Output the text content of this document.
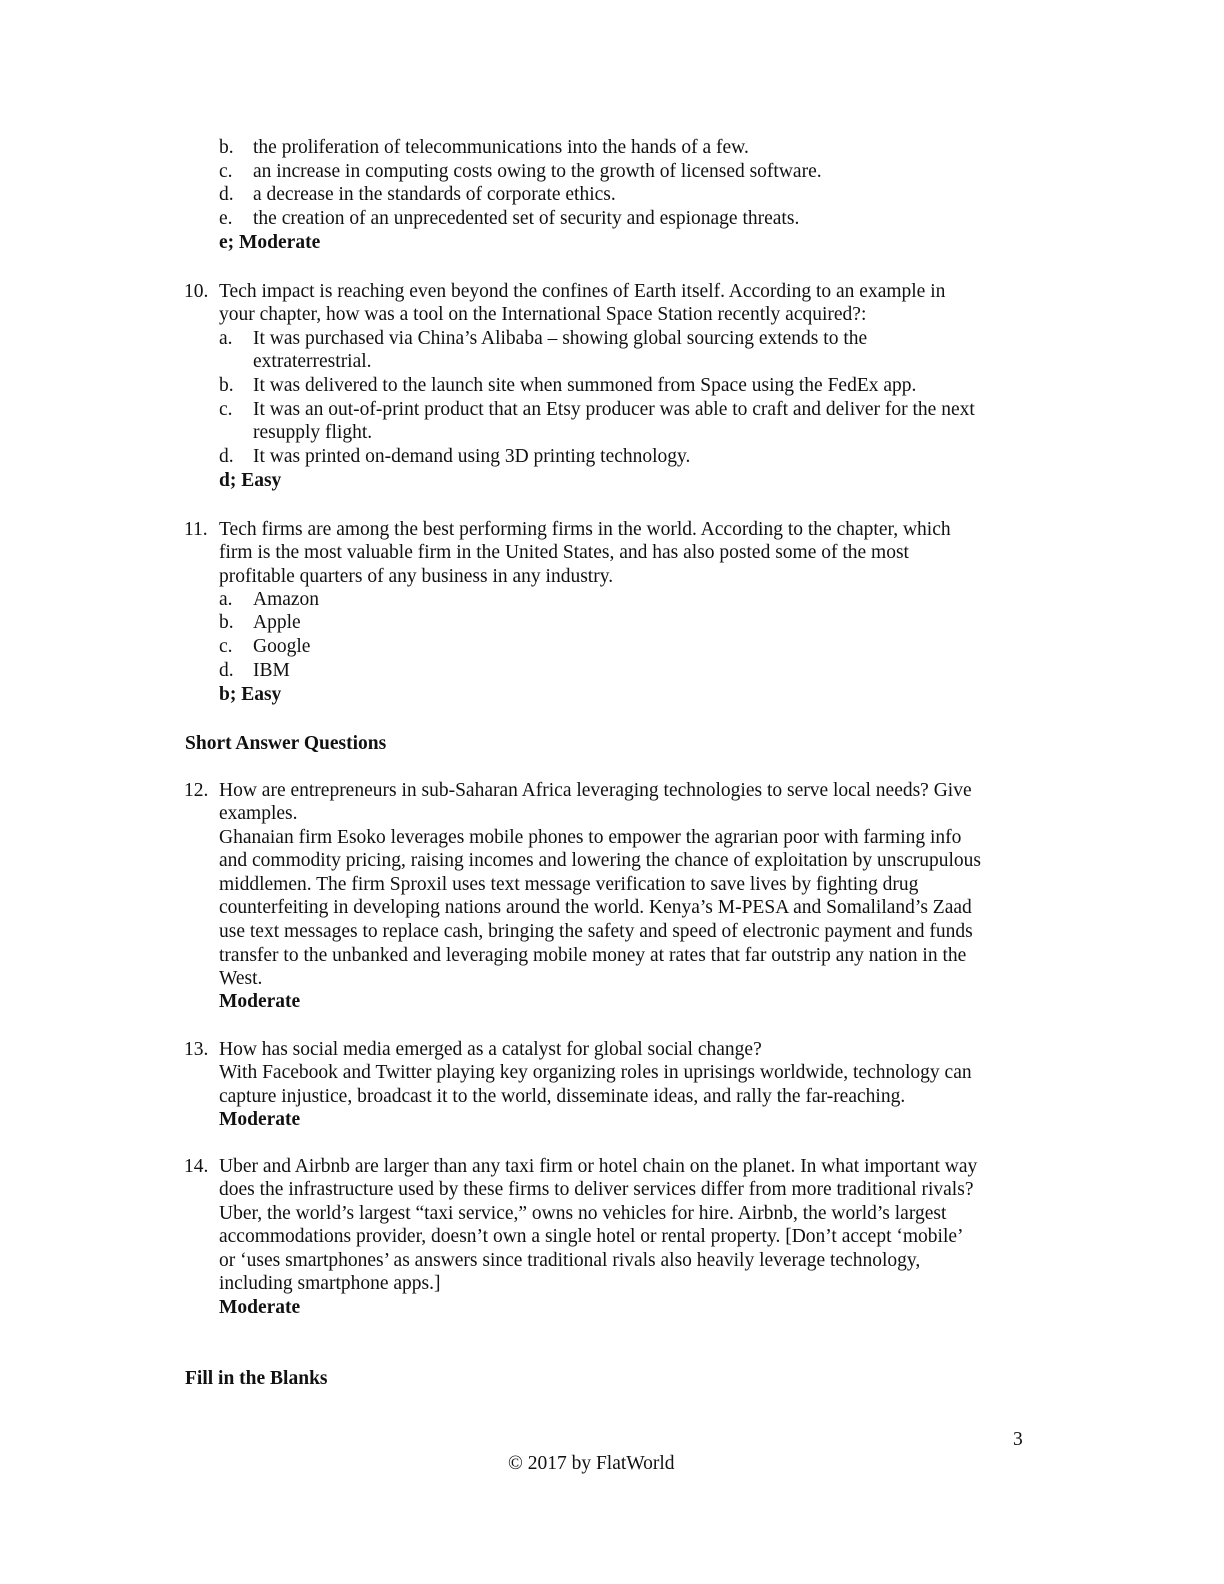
b. the proliferation of telecommunications into the hands of a few.
c. an increase in computing costs owing to the growth of licensed software.
d. a decrease in the standards of corporate ethics.
e. the creation of an unprecedented set of security and espionage threats.
e; Moderate
10. Tech impact is reaching even beyond the confines of Earth itself. According to an example in
your chapter, how was a tool on the International Space Station recently acquired?:
a. It was purchased via China’s Alibaba – showing global sourcing extends to the
extraterrestrial.
b. It was delivered to the launch site when summoned from Space using the FedEx app.
c. It was an out-of-print product that an Etsy producer was able to craft and deliver for the next
resupply flight.
d. It was printed on-demand using 3D printing technology.
d; Easy
11. Tech firms are among the best performing firms in the world. According to the chapter, which
firm is the most valuable firm in the United States, and has also posted some of the most
profitable quarters of any business in any industry.
a. Amazon
b. Apple
c. Google
d. IBM
b; Easy
Short Answer Questions
12. How are entrepreneurs in sub-Saharan Africa leveraging technologies to serve local needs? Give
examples.
Ghanaian firm Esoko leverages mobile phones to empower the agrarian poor with farming info
and commodity pricing, raising incomes and lowering the chance of exploitation by unscrupulous
middlemen. The firm Sproxil uses text message verification to save lives by fighting drug
counterfeiting in developing nations around the world. Kenya’s M-PESA and Somaliland’s Zaad
use text messages to replace cash, bringing the safety and speed of electronic payment and funds
transfer to the unbanked and leveraging mobile money at rates that far outstrip any nation in the
West.
Moderate
13. How has social media emerged as a catalyst for global social change?
With Facebook and Twitter playing key organizing roles in uprisings worldwide, technology can
capture injustice, broadcast it to the world, disseminate ideas, and rally the far-reaching.
Moderate
14. Uber and Airbnb are larger than any taxi firm or hotel chain on the planet. In what important way
does the infrastructure used by these firms to deliver services differ from more traditional rivals?
Uber, the world’s largest “taxi service,” owns no vehicles for hire. Airbnb, the world’s largest
accommodations provider, doesn’t own a single hotel or rental property. [Don’t accept ‘mobile’
or ‘uses smartphones’ as answers since traditional rivals also heavily leverage technology,
including smartphone apps.]
Moderate
Fill in the Blanks
3
© 2017 by FlatWorld
